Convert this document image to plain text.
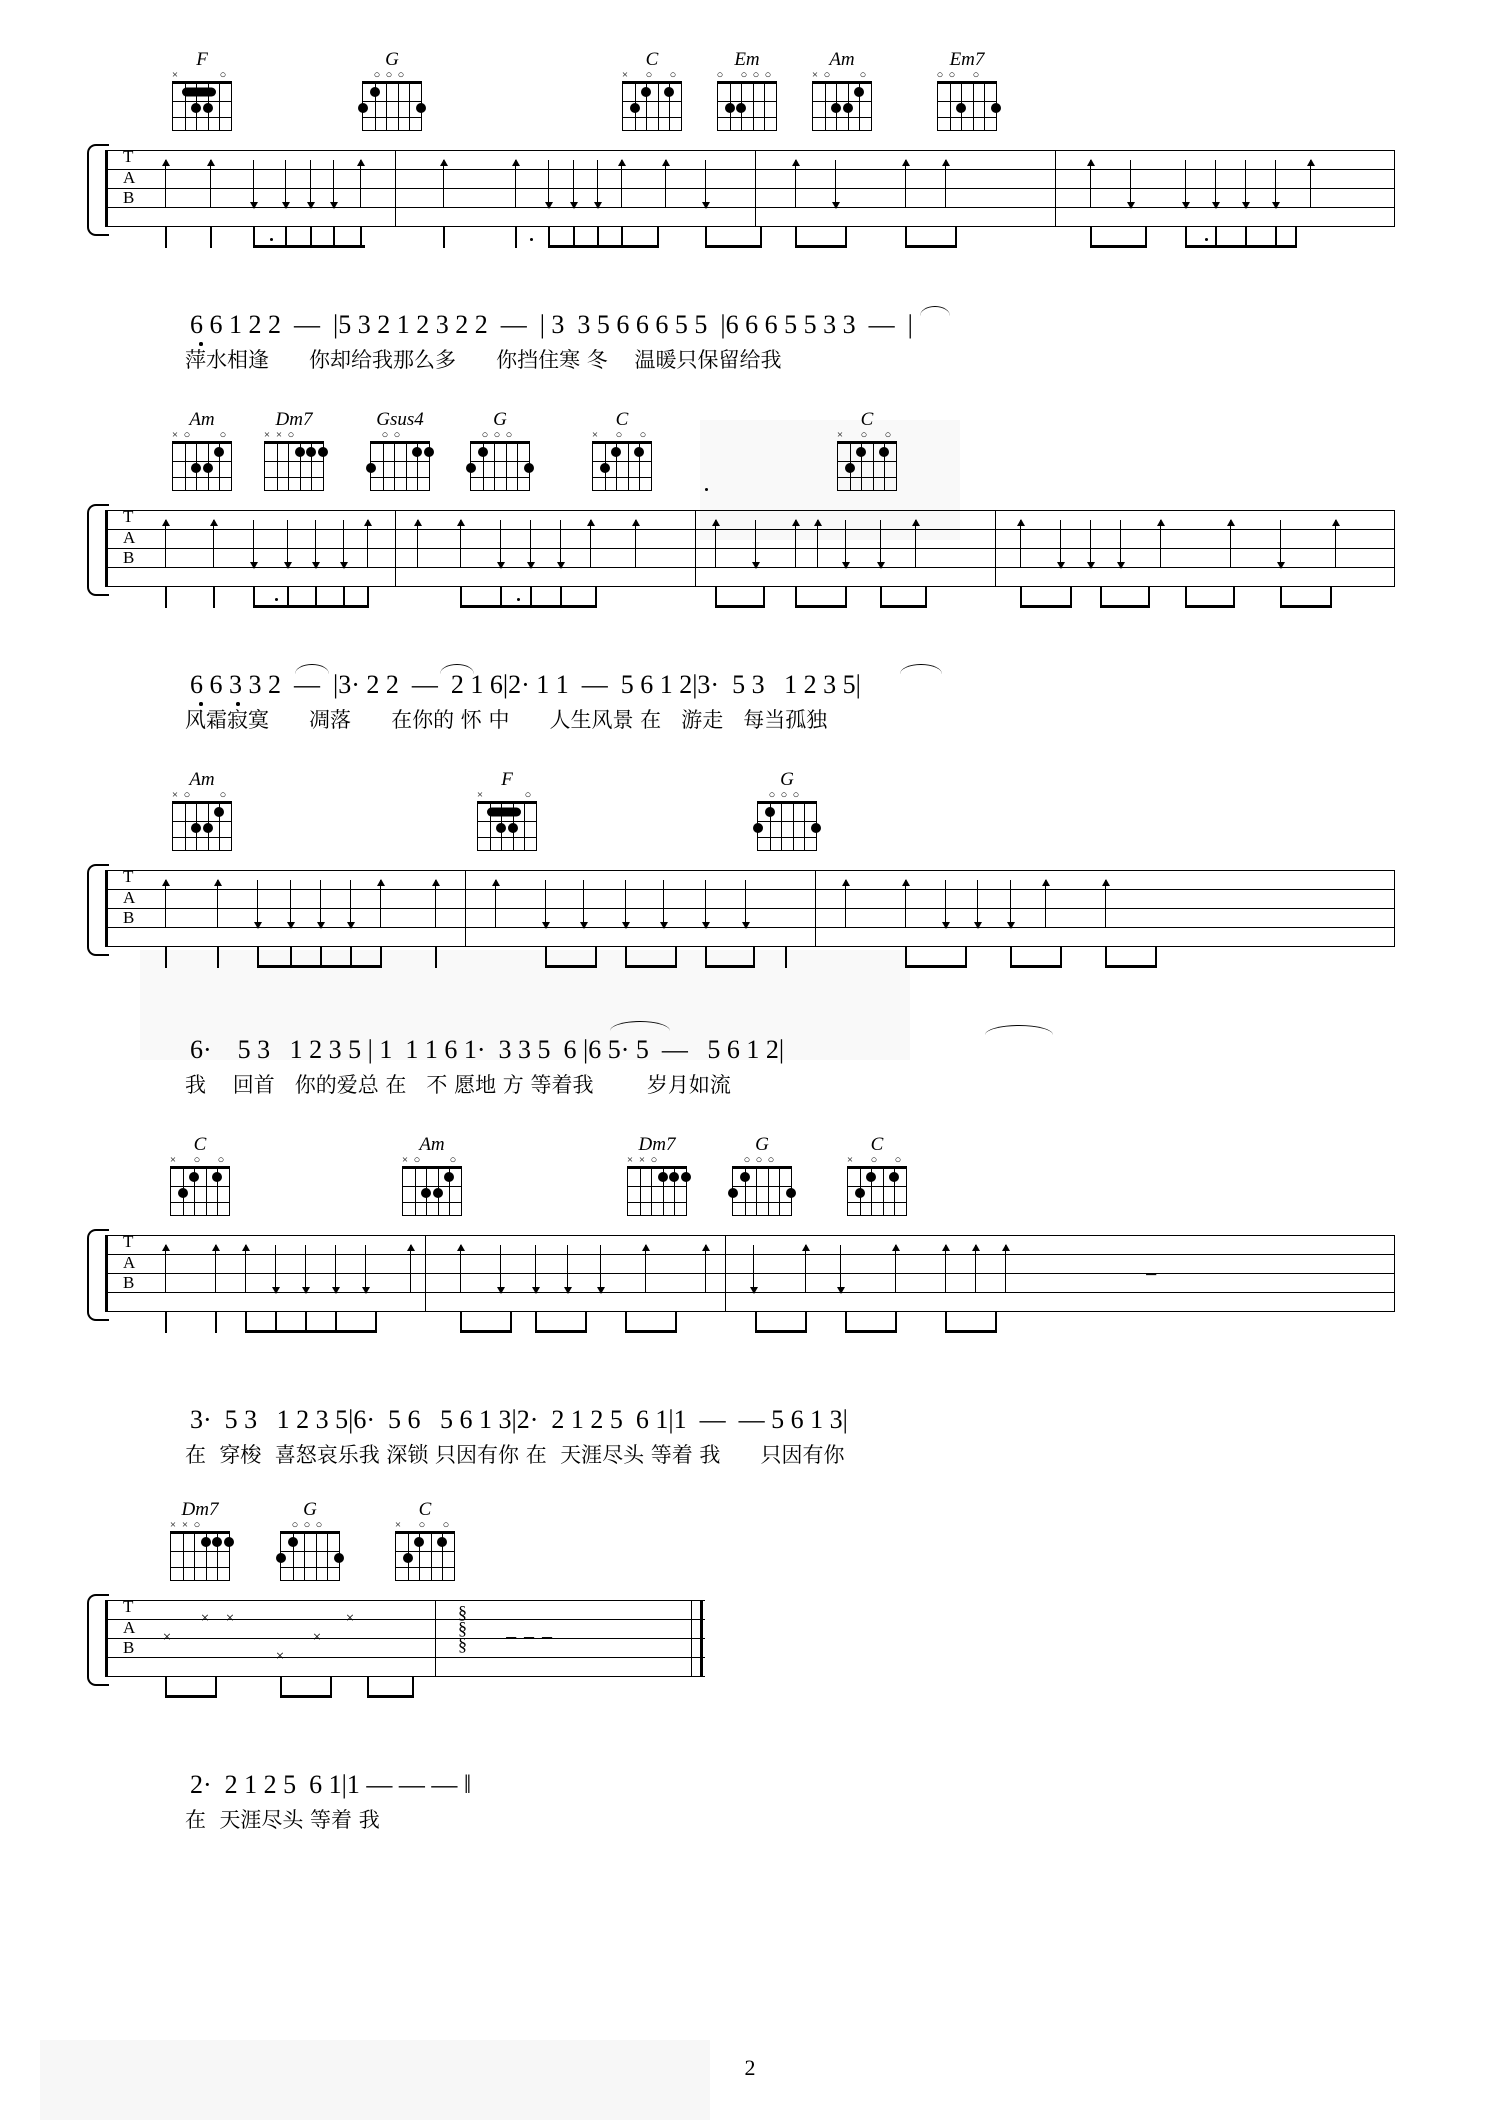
F
×	○
G
○ ○ ○
C
× ○ ○
Em
○ ○ ○ ○
Am
× ○	○
Em7
○ ○ ○
T
A
B
6 6 1 2 2  —  |5 3 2 1 2 3 2 2  —  | 3  3 5 6 6 6 5 5  |6 6 6 5 5 3 3  —  |
萍水相逢      你却给我那么多      你挡住寒 冬    温暖只保留给我
Am
× ○	○
Dm7
× × ○
Gsus4
○ ○
G
○ ○ ○
C
× ○ ○
C
× ○ ○
T
A
B
6 6 3 3 2  —  |3· 2 2  —  2 1 6|2· 1 1  —  5 6 1 2|3·  5 3   1 2 3 5|
风霜寂寞      凋落      在你的 怀 中      人生风景 在   游走   每当孤独
Am
× ○	○
F
×	○
G
○ ○ ○
T
A
B
6·    5 3   1 2 3 5 | 1  1 1 6 1·  3 3 5  6 |6 5· 5  —   5 6 1 2|
我    回首   你的爱总 在   不 愿地 方 等着我        岁月如流
C
× ○ ○
Am
× ○	○
Dm7
× × ○
G
○ ○ ○
C
× ○ ○
T
A
B	−
3·  5 3   1 2 3 5|6·  5 6   5 6 1 3|2·  2 1 2 5  6 1|1  —  — 5 6 1 3|
在  穿梭  喜怒哀乐我 深锁 只因有你 在  天涯尽头 等着 我      只因有你
Dm7
× × ○
G
○ ○ ○
C
× ○ ○
T
A
B
×
× ×
×
×
×
− − −
§
§
§
2·  2 1 2 5  6 1|1 — — — ‖
在  天涯尽头 等着 我
2
